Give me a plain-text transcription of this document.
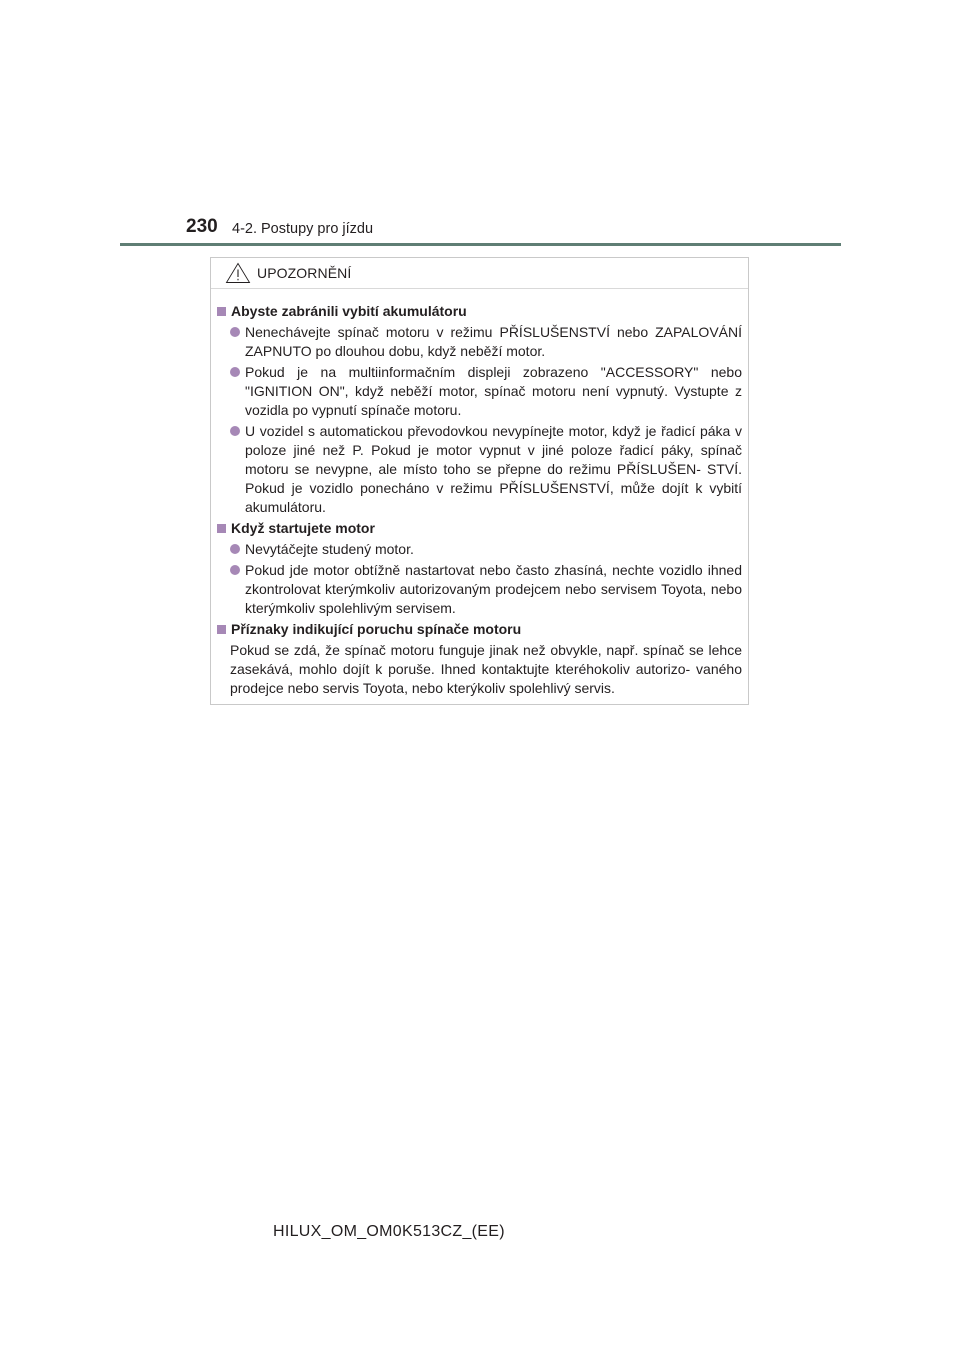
230 4-2. Postupy pro jízdu
UPOZORNĚNÍ
Abyste zabránili vybití akumulátoru
Nenechávejte spínač motoru v režimu PŘÍSLUŠENSTVÍ nebo ZAPALOVÁNÍ ZAPNUTO po dlouhou dobu, když neběží motor.
Pokud je na multiinformačním displeji zobrazeno "ACCESSORY" nebo "IGNITION ON", když neběží motor, spínač motoru není vypnutý. Vystupte z vozidla po vypnutí spínače motoru.
U vozidel s automatickou převodovkou nevypínejte motor, když je řadicí páka v poloze jiné než P. Pokud je motor vypnut v jiné poloze řadicí páky, spínač motoru se nevypne, ale místo toho se přepne do režimu PŘÍSLUŠEN- STVÍ. Pokud je vozidlo ponecháno v režimu PŘÍSLUŠENSTVÍ, může dojít k vybití akumulátoru.
Když startujete motor
Nevytáčejte studený motor.
Pokud jde motor obtížně nastartovat nebo často zhasíná, nechte vozidlo ihned zkontrolovat kterýmkoliv autorizovaným prodejcem nebo servisem Toyota, nebo kterýmkoliv spolehlivým servisem.
Příznaky indikující poruchu spínače motoru
Pokud se zdá, že spínač motoru funguje jinak než obvykle, např. spínač se lehce zasekává, mohlo dojít k poruše. Ihned kontaktujte kteréhokoliv autorizo- vaného prodejce nebo servis Toyota, nebo kterýkoliv spolehlivý servis.
HILUX_OM_OM0K513CZ_(EE)
